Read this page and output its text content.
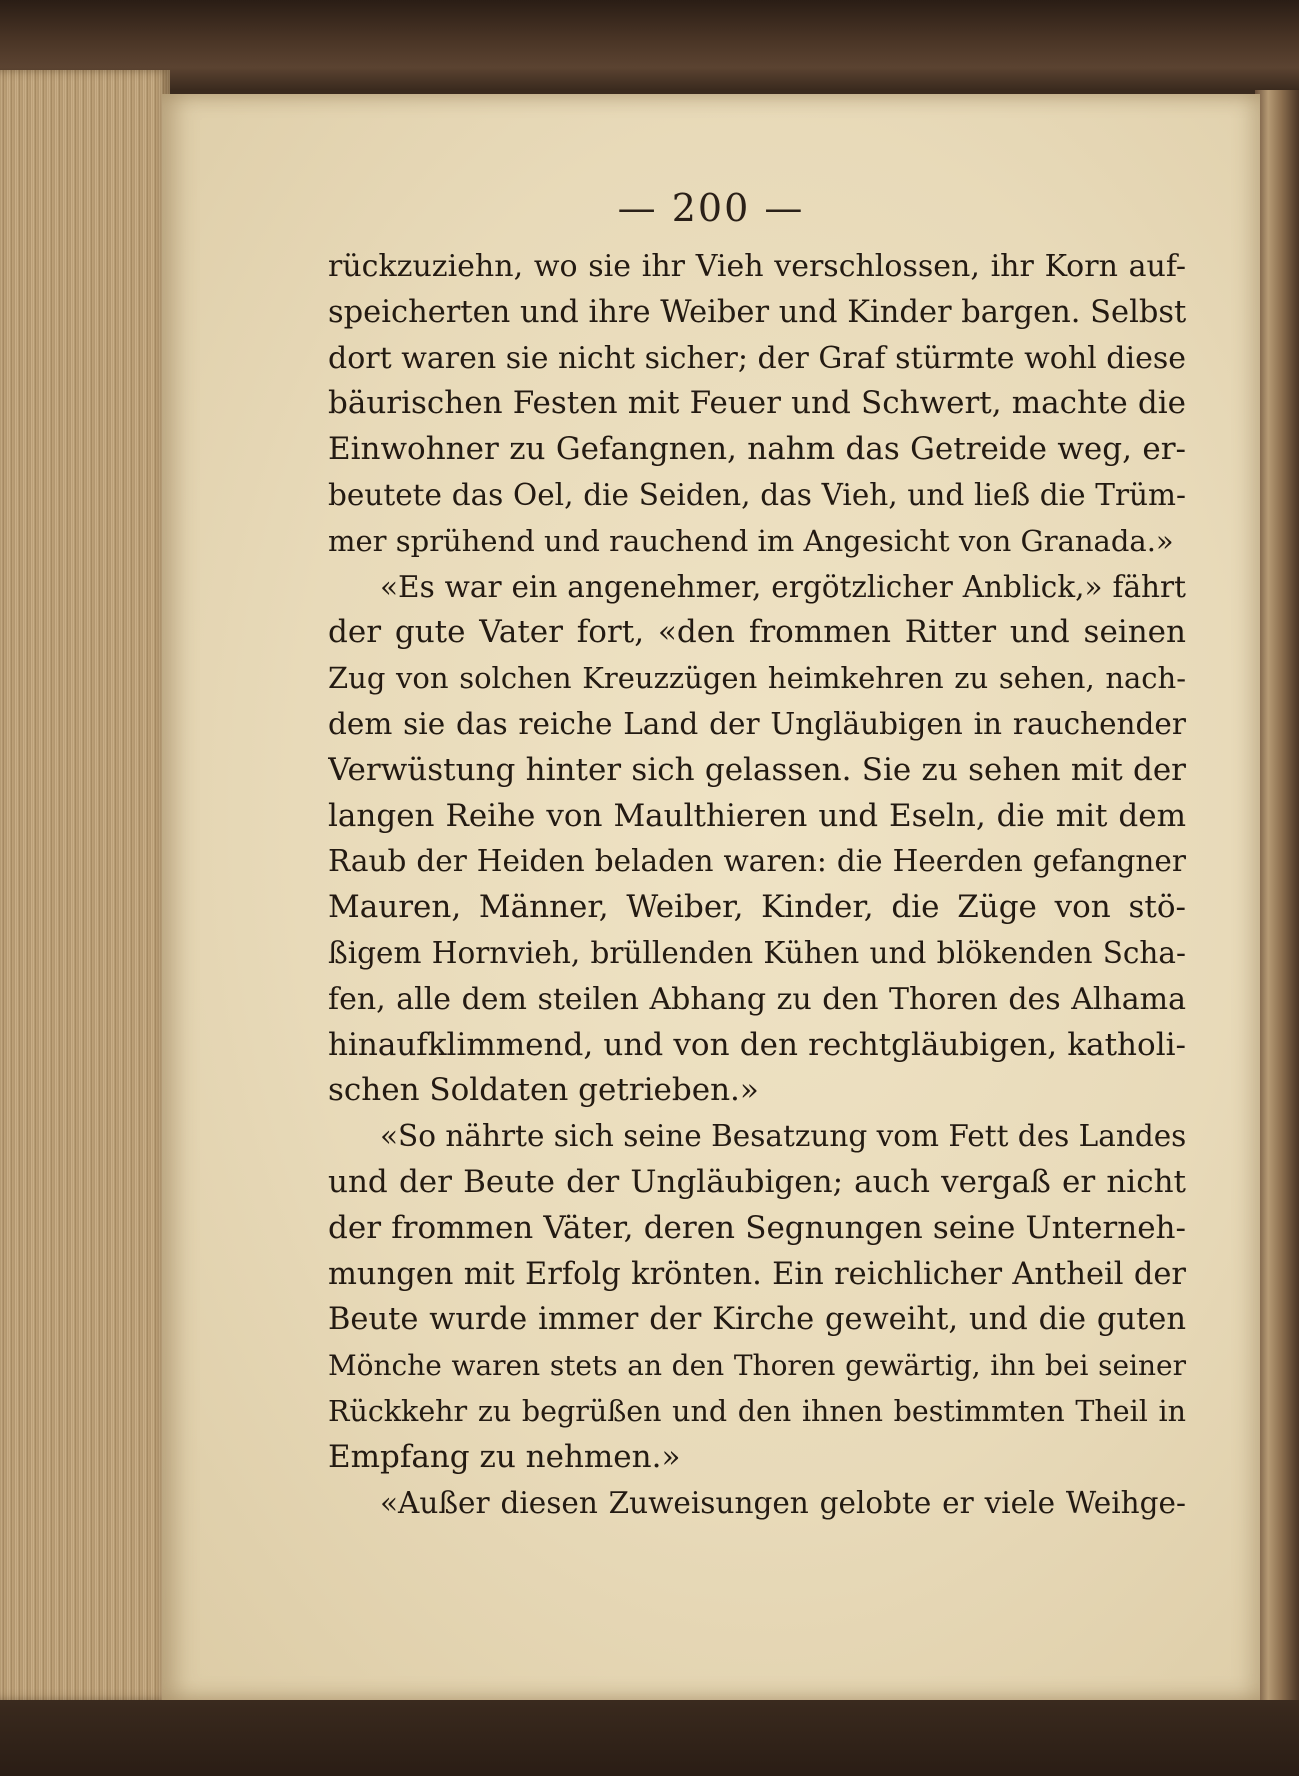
— 200 —
rückzuziehn, wo sie ihr Vieh verschlossen, ihr Korn auf-
speicherten und ihre Weiber und Kinder bargen. Selbst
dort waren sie nicht sicher; der Graf stürmte wohl diese
bäurischen Festen mit Feuer und Schwert, machte die
Einwohner zu Gefangnen, nahm das Getreide weg, er-
beutete das Oel, die Seiden, das Vieh, und ließ die Trüm-
mer sprühend und rauchend im Angesicht von Granada.»
«Es war ein angenehmer, ergötzlicher Anblick,» fährt
der gute Vater fort, «den frommen Ritter und seinen
Zug von solchen Kreuzzügen heimkehren zu sehen, nach-
dem sie das reiche Land der Ungläubigen in rauchender
Verwüstung hinter sich gelassen. Sie zu sehen mit der
langen Reihe von Maulthieren und Eseln, die mit dem
Raub der Heiden beladen waren: die Heerden gefangner
Mauren, Männer, Weiber, Kinder, die Züge von stö-
ßigem Hornvieh, brüllenden Kühen und blökenden Scha-
fen, alle dem steilen Abhang zu den Thoren des Alhama
hinaufklimmend, und von den rechtgläubigen, katholi-
schen Soldaten getrieben.»
«So nährte sich seine Besatzung vom Fett des Landes
und der Beute der Ungläubigen; auch vergaß er nicht
der frommen Väter, deren Segnungen seine Unterneh-
mungen mit Erfolg krönten. Ein reichlicher Antheil der
Beute wurde immer der Kirche geweiht, und die guten
Mönche waren stets an den Thoren gewärtig, ihn bei seiner
Rückkehr zu begrüßen und den ihnen bestimmten Theil in
Empfang zu nehmen.»
«Außer diesen Zuweisungen gelobte er viele Weihge-
